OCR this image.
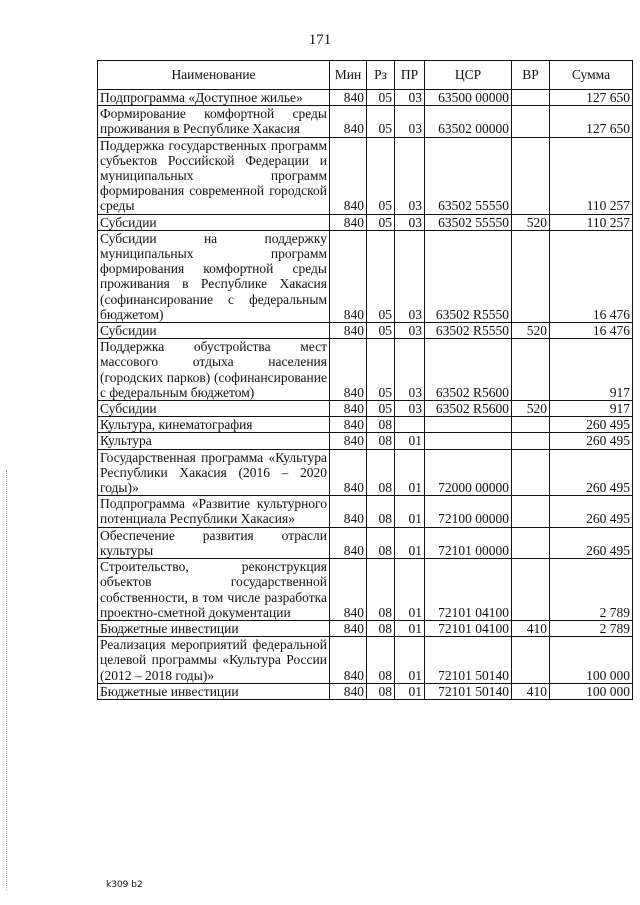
171
Наименование	Мин	Рз	ПР	ЦСР	ВР	Сумма
Подпрограмма «Доступное жилье»	840	05	03	63500 00000		127 650
Формирование комфортной среды проживания в Республике Хакасия	840	05	03	63502 00000		127 650
Поддержка государственных программ субъектов Российской Федерации и муниципальных программ формирования современной городской среды	840	05	03	63502 55550		110 257
Субсидии	840	05	03	63502 55550	520	110 257
Субсидии на поддержку муниципальных программ формирования комфортной среды проживания в Республике Хакасия (софинансирование с федеральным бюджетом)	840	05	03	63502 R5550		16 476
Субсидии	840	05	03	63502 R5550	520	16 476
Поддержка обустройства мест массового отдыха населения (городских парков) (софинансирование с федеральным бюджетом)	840	05	03	63502 R5600		917
Субсидии	840	05	03	63502 R5600	520	917
Культура, кинематография	840	08				260 495
Культура	840	08	01			260 495
Государственная программа «Культура Республики Хакасия (2016 – 2020 годы)»	840	08	01	72000 00000		260 495
Подпрограмма «Развитие культурного потенциала Республики Хакасия»	840	08	01	72100 00000		260 495
Обеспечение развития отрасли культуры	840	08	01	72101 00000		260 495
Строительство, реконструкция объектов государственной собственности, в том числе разработка проектно-сметной документации	840	08	01	72101 04100		2 789
Бюджетные инвестиции	840	08	01	72101 04100	410	2 789
Реализация мероприятий федеральной целевой программы «Культура России (2012 – 2018 годы)»	840	08	01	72101 50140		100 000
Бюджетные инвестиции	840	08	01	72101 50140	410	100 000
k309 b2
